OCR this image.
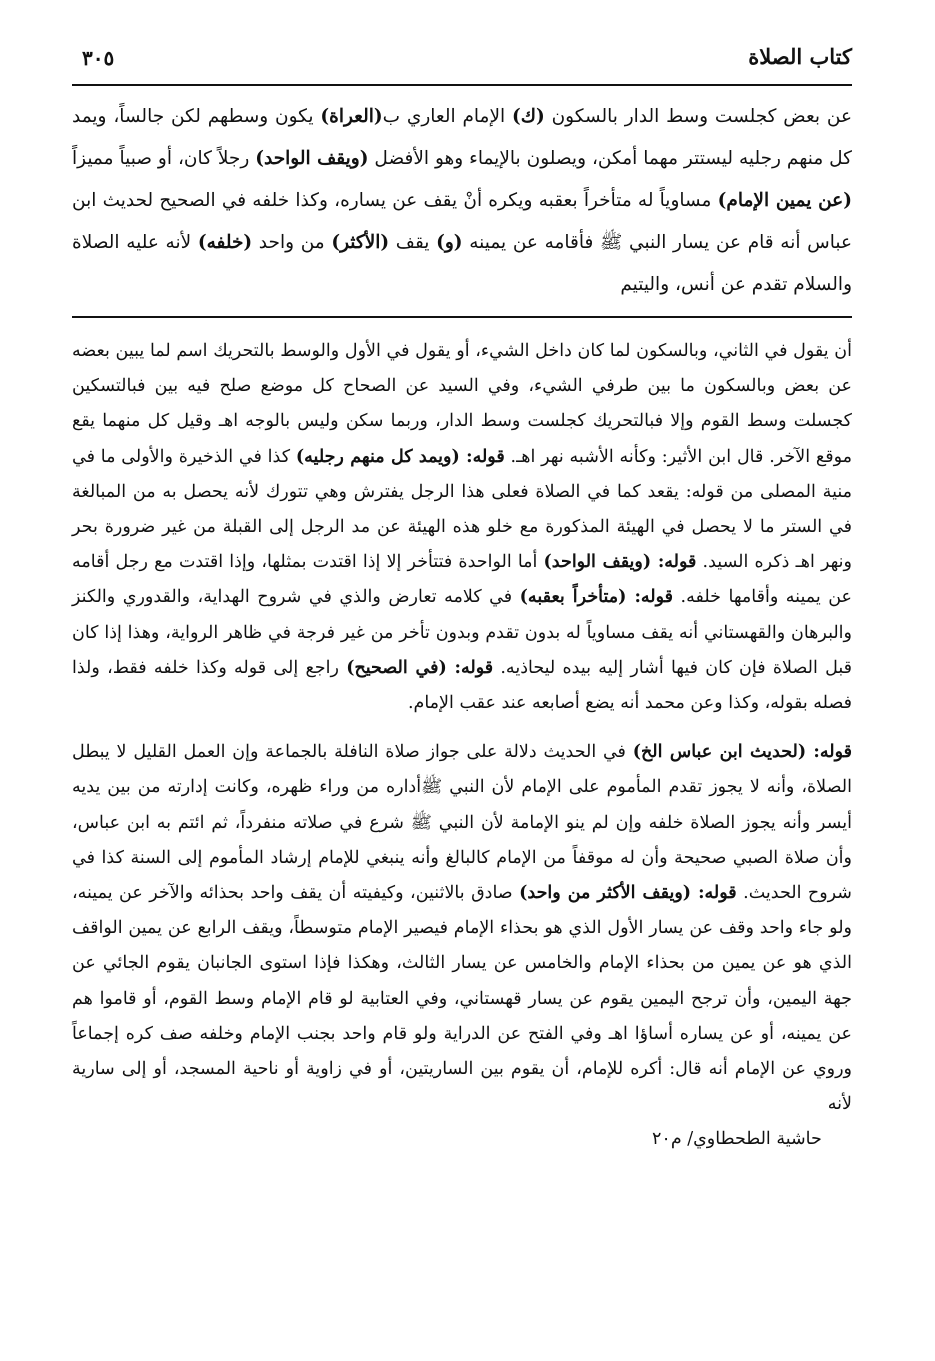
كتاب الصلاة
٣٠٥
عن بعض كجلست وسط الدار بالسكون (ك) الإمام العاري ب(العراة) يكون وسطهم لكن جالساً، ويمد كل منهم رجليه ليستتر مهما أمكن، ويصلون بالإيماء وهو الأفضل (ويقف الواحد) رجلاً كان، أو صبياً مميزاً (عن يمين الإمام) مساوياً له متأخراً بعقبه ويكره أنْ يقف عن يساره، وكذا خلفه في الصحيح لحديث ابن عباس أنه قام عن يسار النبي ﷺ فأقامه عن يمينه (و) يقف (الأكثر) من واحد (خلفه) لأنه عليه الصلاة والسلام تقدم عن أنس، واليتيم

أن يقول في الثاني، وبالسكون لما كان داخل الشيء، أو يقول في الأول والوسط بالتحريك اسم لما يبين بعضه عن بعض وبالسكون ما بين طرفي الشيء، وفي السيد عن الصحاح كل موضع صلح فيه بين فبالتسكين كجسلت وسط القوم وإلا فبالتحريك كجلست وسط الدار، وربما سكن وليس بالوجه اهـ وقيل كل منهما يقع موقع الآخر. قال ابن الأثير: وكأنه الأشبه نهر اهـ. قوله: (ويمد كل منهم رجليه) كذا في الذخيرة والأولى ما في منية المصلى من قوله: يقعد كما في الصلاة فعلى هذا الرجل يفترش وهي تتورك لأنه يحصل به من المبالغة في الستر ما لا يحصل في الهيئة المذكورة مع خلو هذه الهيئة عن مد الرجل إلى القبلة من غير ضرورة بحر ونهر اهـ ذكره السيد. قوله: (ويقف الواحد) أما الواحدة فتتأخر إلا إذا اقتدت بمثلها، وإذا اقتدت مع رجل أقامه عن يمينه وأقامها خلفه. قوله: (متأخراً بعقبه) في كلامه تعارض والذي في شروح الهداية، والقدوري والكنز والبرهان والقهستاني أنه يقف مساوياً له بدون تقدم وبدون تأخر من غير فرجة في ظاهر الرواية، وهذا إذا كان قبل الصلاة فإن كان فيها أشار إليه بيده ليحاذيه. قوله: (في الصحيح) راجع إلى قوله وكذا خلفه فقط، ولذا فصله بقوله، وكذا وعن محمد أنه يضع أصابعه عند عقب الإمام.

قوله: (لحديث ابن عباس الخ) في الحديث دلالة على جواز صلاة النافلة بالجماعة وإن العمل القليل لا يبطل الصلاة، وأنه لا يجوز تقدم المأموم على الإمام لأن النبي ﷺأداره من وراء ظهره، وكانت إدارته من بين يديه أيسر وأنه يجوز الصلاة خلفه وإن لم ينو الإمامة لأن النبي ﷺ شرع في صلاته منفرداً، ثم ائتم به ابن عباس، وأن صلاة الصبي صحيحة وأن له موقفاً من الإمام كالبالغ وأنه ينبغي للإمام إرشاد المأموم إلى السنة كذا في شروح الحديث. قوله: (ويقف الأكثر من واحد) صادق بالاثنين، وكيفيته أن يقف واحد بحذائه والآخر عن يمينه، ولو جاء واحد وقف عن يسار الأول الذي هو بحذاء الإمام فيصير الإمام متوسطاً، ويقف الرابع عن يمين الواقف الذي هو عن يمين من بحذاء الإمام والخامس عن يسار الثالث، وهكذا فإذا استوى الجانبان يقوم الجائي عن جهة اليمين، وأن ترجح اليمين يقوم عن يسار قهستاني، وفي العتابية لو قام الإمام وسط القوم، أو قاموا هم عن يمينه، أو عن يساره أساؤا اهـ وفي الفتح عن الدراية ولو قام واحد بجنب الإمام وخلفه صف كره إجماعاً وروي عن الإمام أنه قال: أكره للإمام، أن يقوم بين الساريتين، أو في زاوية أو ناحية المسجد، أو إلى سارية لأنه

حاشية الطحطاوي/ م٢٠
